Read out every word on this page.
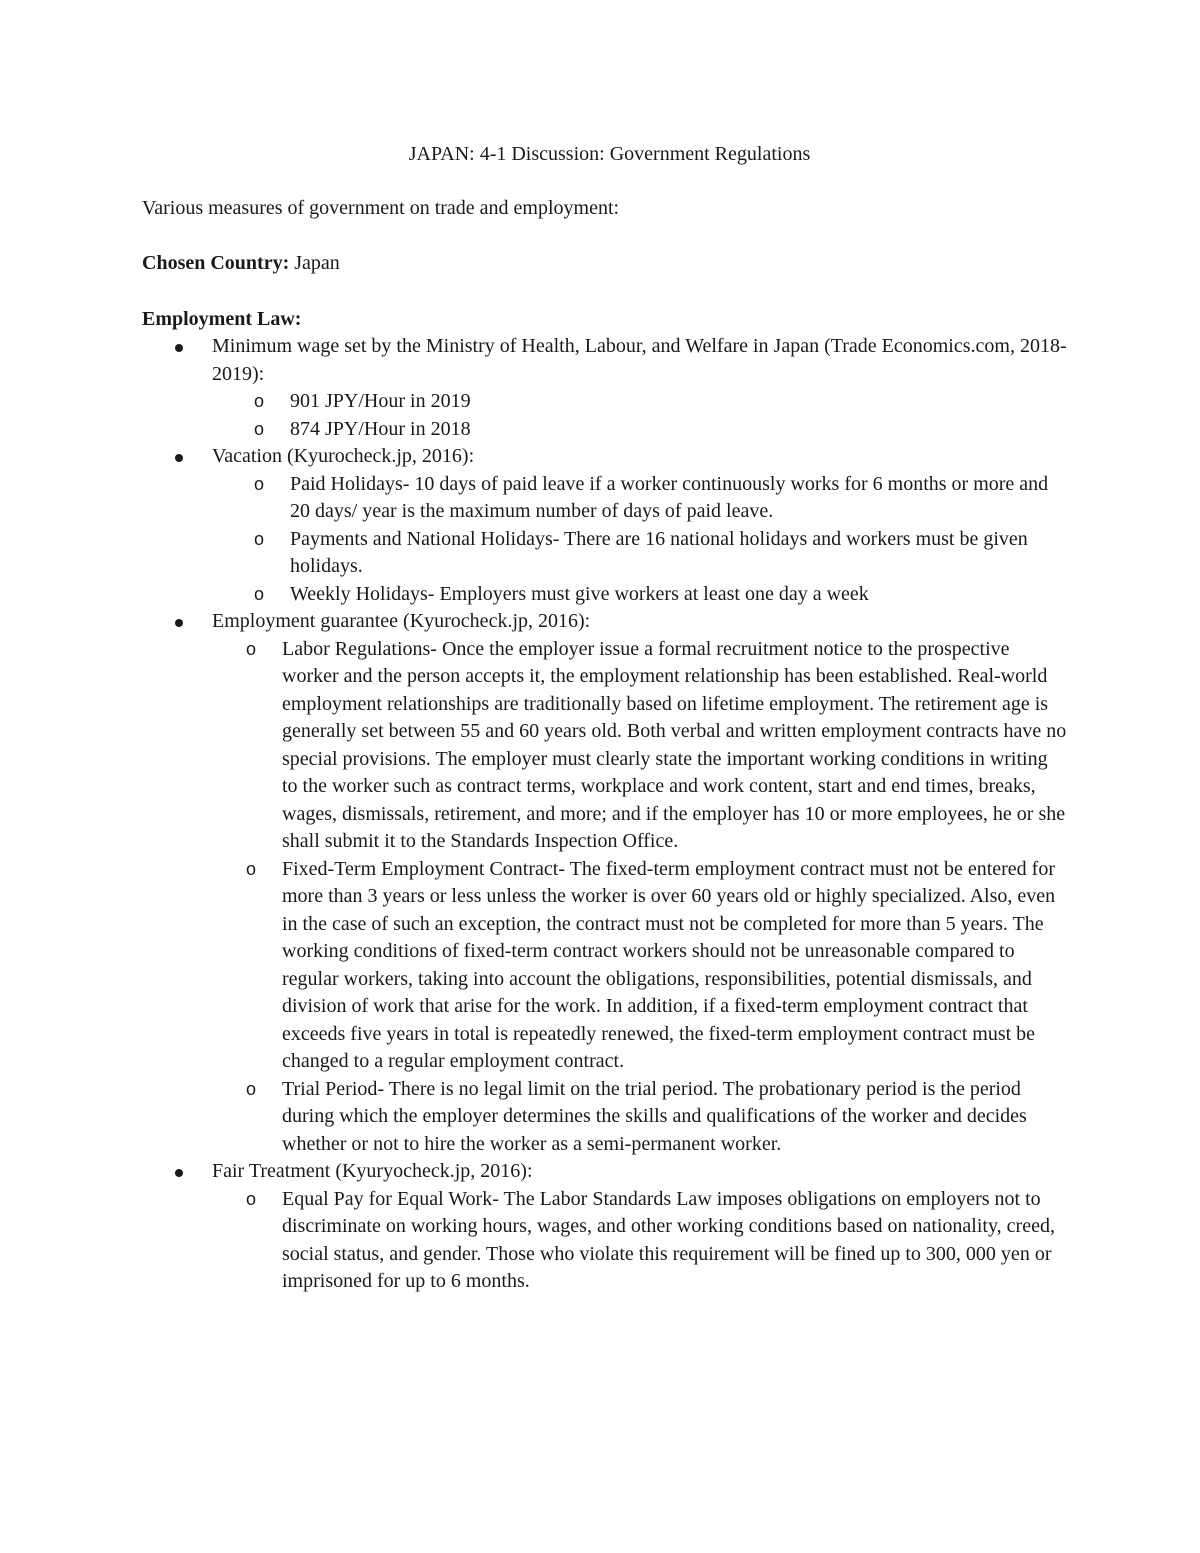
JAPAN: 4-1 Discussion: Government Regulations

Various measures of government on trade and employment:

Chosen Country: Japan

Employment Law:

Minimum wage set by the Ministry of Health, Labour, and Welfare in Japan (Trade Economics.com, 2018-2019):
o 901 JPY/Hour in 2019
o 874 JPY/Hour in 2018
Vacation (Kyurocheck.jp, 2016):
o Paid Holidays- 10 days of paid leave if a worker continuously works for 6 months or more and 20 days/ year is the maximum number of days of paid leave.
o Payments and National Holidays- There are 16 national holidays and workers must be given holidays.
o Weekly Holidays- Employers must give workers at least one day a week
Employment guarantee (Kyurocheck.jp, 2016):
o Labor Regulations- Once the employer issue a formal recruitment notice to the prospective worker and the person accepts it, the employment relationship has been established. Real-world employment relationships are traditionally based on lifetime employment. The retirement age is generally set between 55 and 60 years old. Both verbal and written employment contracts have no special provisions. The employer must clearly state the important working conditions in writing to the worker such as contract terms, workplace and work content, start and end times, breaks, wages, dismissals, retirement, and more; and if the employer has 10 or more employees, he or she shall submit it to the Standards Inspection Office.
o Fixed-Term Employment Contract- The fixed-term employment contract must not be entered for more than 3 years or less unless the worker is over 60 years old or highly specialized. Also, even in the case of such an exception, the contract must not be completed for more than 5 years. The working conditions of fixed-term contract workers should not be unreasonable compared to regular workers, taking into account the obligations, responsibilities, potential dismissals, and division of work that arise for the work. In addition, if a fixed-term employment contract that exceeds five years in total is repeatedly renewed, the fixed-term employment contract must be changed to a regular employment contract.
o Trial Period- There is no legal limit on the trial period. The probationary period is the period during which the employer determines the skills and qualifications of the worker and decides whether or not to hire the worker as a semi-permanent worker.
Fair Treatment (Kyuryocheck.jp, 2016):
o Equal Pay for Equal Work- The Labor Standards Law imposes obligations on employers not to discriminate on working hours, wages, and other working conditions based on nationality, creed, social status, and gender. Those who violate this requirement will be fined up to 300, 000 yen or imprisoned for up to 6 months.
